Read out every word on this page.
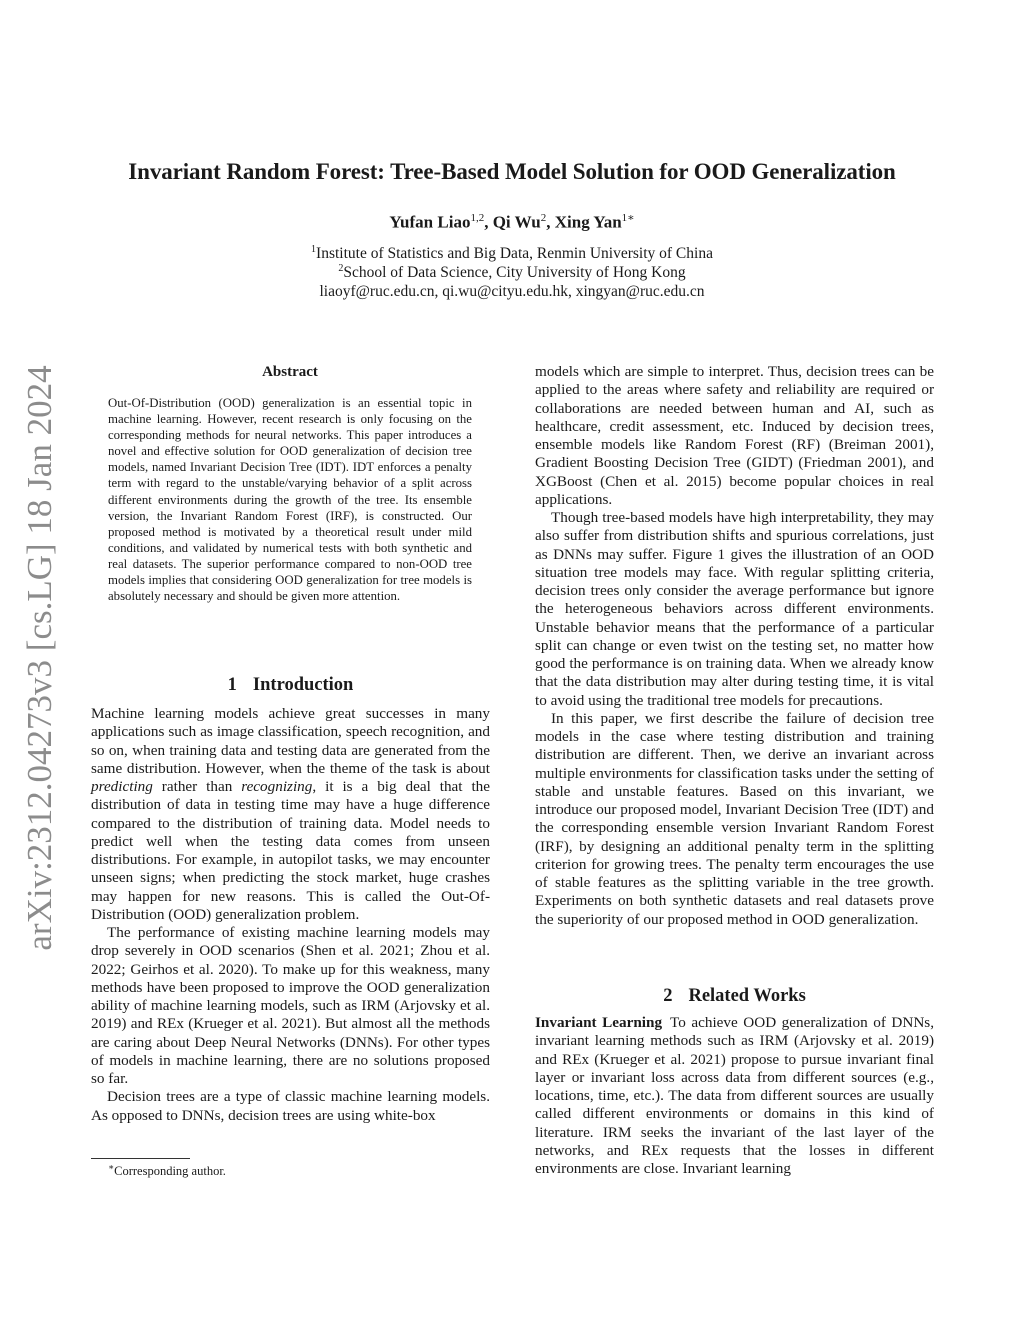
Invariant Random Forest: Tree-Based Model Solution for OOD Generalization
Yufan Liao$^{1,2}$, Qi Wu$^2$, Xing Yan$^{1∗}$
$^1$Institute of Statistics and Big Data, Renmin University of China
$^2$School of Data Science, City University of Hong Kong
liaoyf@ruc.edu.cn, qi.wu@cityu.edu.hk, xingyan@ruc.edu.cn
arXiv:2312.04273v3 [cs.LG] 18 Jan 2024	Abstract
Out-Of-Distribution (OOD) generalization is an essential topic in machine learning. However, recent research is only focusing on the corresponding methods for neural networks. This paper introduces a novel and effective solution for OOD generalization of decision tree models, named Invariant Decision Tree (IDT). IDT enforces a penalty term with regard to the unstable/varying behavior of a split across different environments during the growth of the tree. Its ensemble version, the Invariant Random Forest (IRF), is constructed. Our proposed method is motivated by a theoretical result under mild conditions, and validated by numerical tests with both synthetic and real datasets. The superior performance compared to non-OOD tree models implies that considering OOD generalization for tree models is absolutely necessary and should be given more attention.
1 Introduction

Machine learning models achieve great successes in many applications such as image classification, speech recognition, and so on, when training data and testing data are generated from the same distribution. However, when the theme of the task is about predicting rather than recognizing, it is a big deal that the distribution of data in testing time may have a huge difference compared to the distribution of training data. Model needs to predict well when the testing data comes from unseen distributions. For example, in autopilot tasks, we may encounter unseen signs; when predicting the stock market, huge crashes may happen for new reasons. This is called the Out-Of-Distribution (OOD) generalization problem.

The performance of existing machine learning models may drop severely in OOD scenarios (Shen et al. 2021; Zhou et al. 2022; Geirhos et al. 2020). To make up for this weakness, many methods have been proposed to improve the OOD generalization ability of machine learning models, such as IRM (Arjovsky et al. 2019) and REx (Krueger et al. 2021). But almost all the methods are caring about Deep Neural Networks (DNNs). For other types of models in machine learning, there are no solutions proposed so far.

Decision trees are a type of classic machine learning models. As opposed to DNNs, decision trees are using white-box

∗Corresponding author.

models which are simple to interpret. Thus, decision trees can be applied to the areas where safety and reliability are required or collaborations are needed between human and AI, such as healthcare, credit assessment, etc. Induced by decision trees, ensemble models like Random Forest (RF) (Breiman 2001), Gradient Boosting Decision Tree (GIDT) (Friedman 2001), and XGBoost (Chen et al. 2015) become popular choices in real applications.

Though tree-based models have high interpretability, they may also suffer from distribution shifts and spurious correlations, just as DNNs may suffer. Figure 1 gives the illustration of an OOD situation tree models may face. With regular splitting criteria, decision trees only consider the average performance but ignore the heterogeneous behaviors across different environments. Unstable behavior means that the performance of a particular split can change or even twist on the testing set, no matter how good the performance is on training data. When we already know that the data distribution may alter during testing time, it is vital to avoid using the traditional tree models for precautions.

In this paper, we first describe the failure of decision tree models in the case where testing distribution and training distribution are different. Then, we derive an invariant across multiple environments for classification tasks under the setting of stable and unstable features. Based on this invariant, we introduce our proposed model, Invariant Decision Tree (IDT) and the corresponding ensemble version Invariant Random Forest (IRF), by designing an additional penalty term in the splitting criterion for growing trees. The penalty term encourages the use of stable features as the splitting variable in the tree growth. Experiments on both synthetic datasets and real datasets prove the superiority of our proposed method in OOD generalization.

2 Related Works

Invariant Learning To achieve OOD generalization of DNNs, invariant learning methods such as IRM (Arjovsky et al. 2019) and REx (Krueger et al. 2021) propose to pursue invariant final layer or invariant loss across data from different sources (e.g., locations, time, etc.). The data from different sources are usually called different environments or domains in this kind of literature. IRM seeks the invariant of the last layer of the networks, and REx requests that the losses in different environments are close. Invariant learning
